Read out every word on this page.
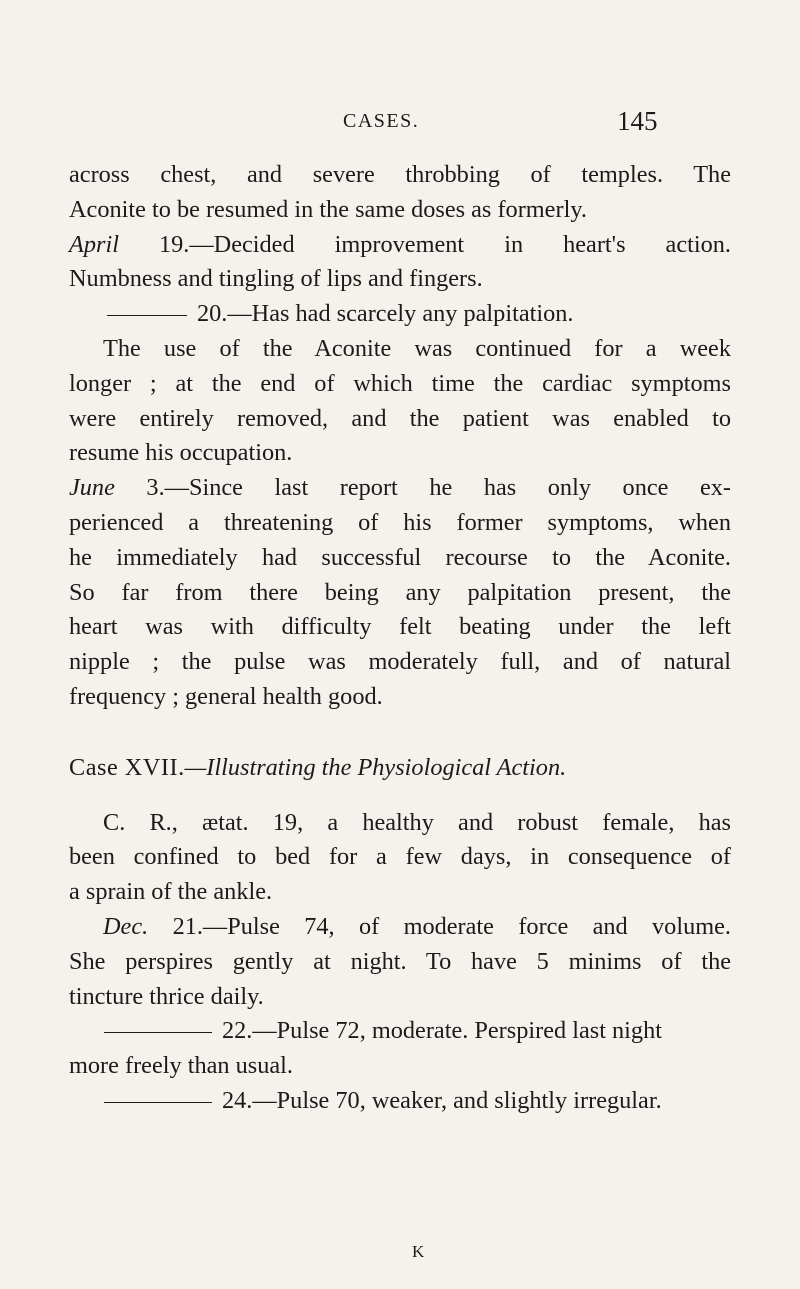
CASES.	145
across chest, and severe throbbing of temples. The
Aconite to be resumed in the same doses as formerly.
April 19.—Decided improvement in heart's action.
Numbness and tingling of lips and fingers.
20.—Has had scarcely any palpitation.
The use of the Aconite was continued for a week
longer ; at the end of which time the cardiac symptoms
were entirely removed, and the patient was enabled to
resume his occupation.
June 3.—Since last report he has only once ex-
perienced a threatening of his former symptoms, when
he immediately had successful recourse to the Aconite.
So far from there being any palpitation present, the
heart was with difficulty felt beating under the left
nipple ; the pulse was moderately full, and of natural
frequency ; general health good.
Case XVII.—Illustrating the Physiological Action.
C. R., ætat. 19, a healthy and robust female, has
been confined to bed for a few days, in consequence of
a sprain of the ankle.
Dec. 21.—Pulse 74, of moderate force and volume.
She perspires gently at night. To have 5 minims of the
tincture thrice daily.
22.—Pulse 72, moderate. Perspired last night
more freely than usual.
24.—Pulse 70, weaker, and slightly irregular.
K
